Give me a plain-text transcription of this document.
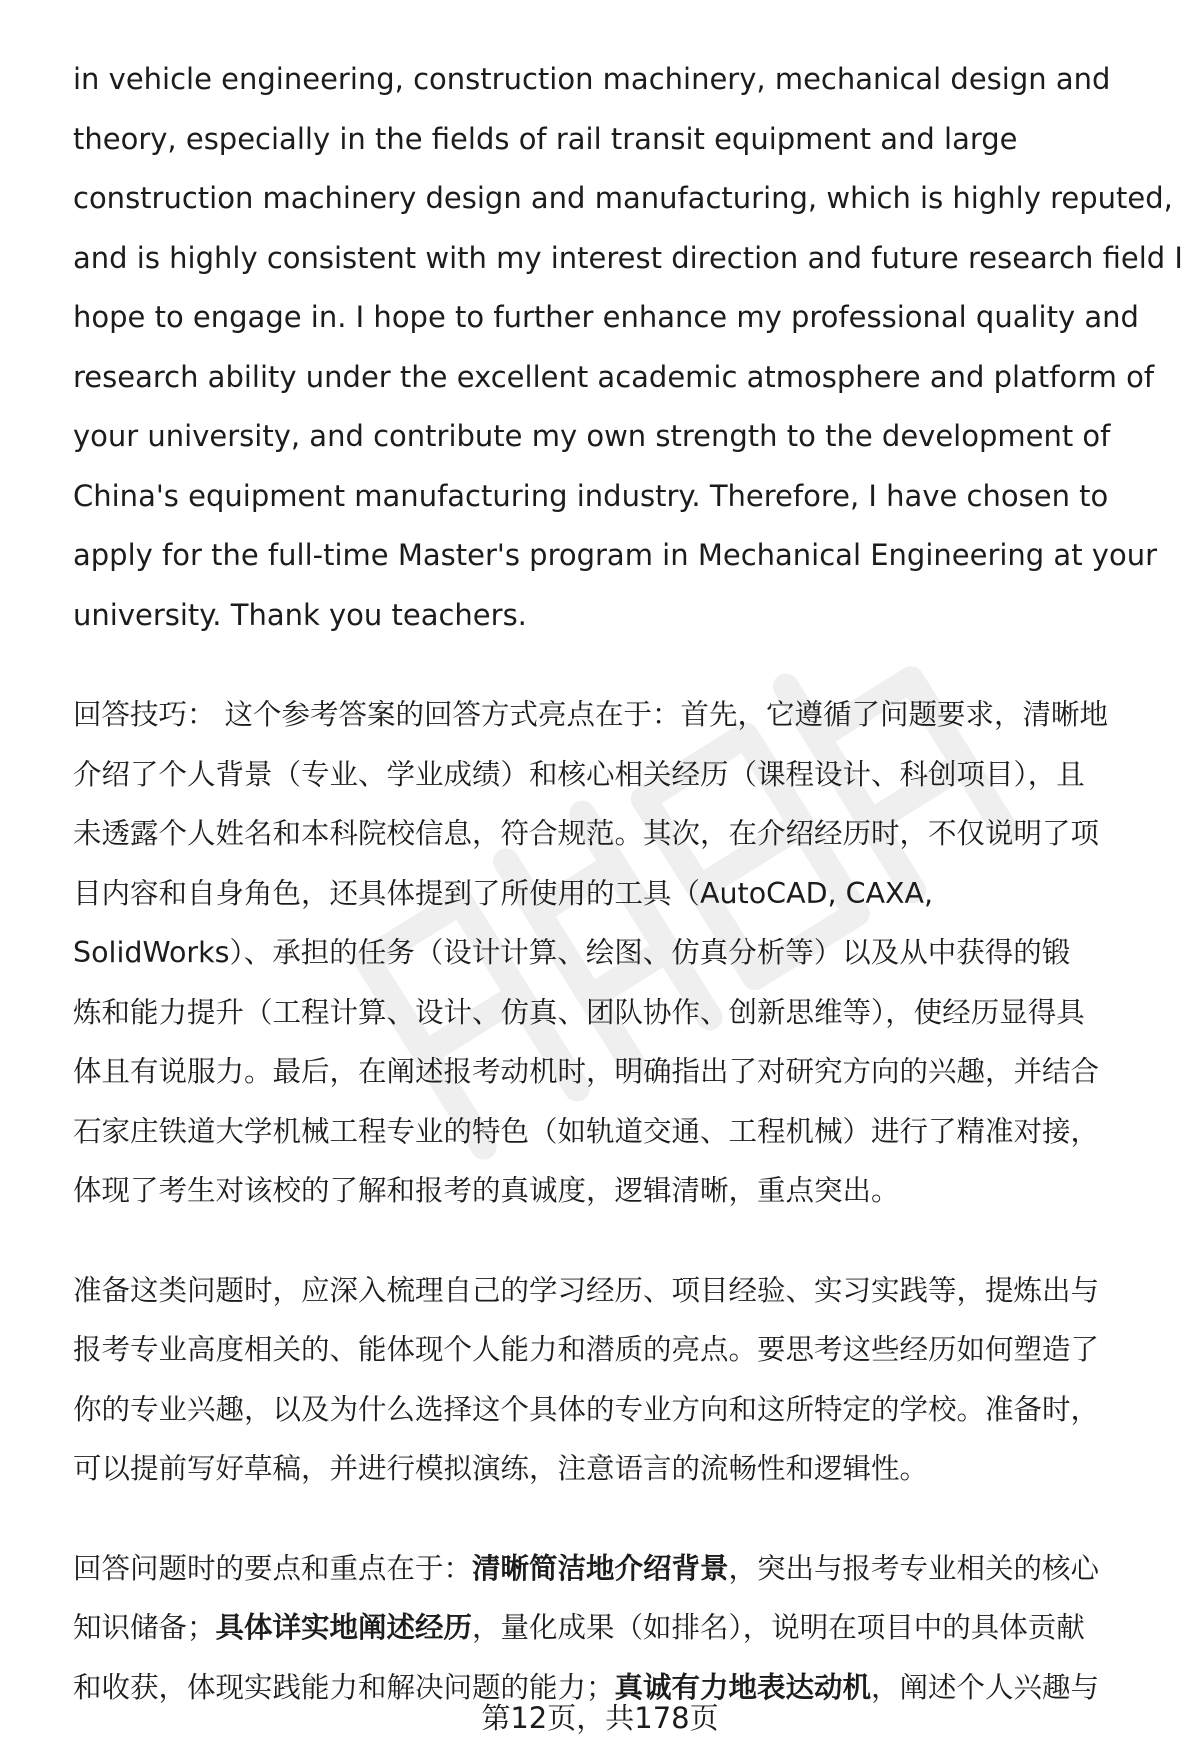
in vehicle engineering, construction machinery, mechanical design and
theory, especially in the fields of rail transit equipment and large
construction machinery design and manufacturing, which is highly reputed,
and is highly consistent with my interest direction and future research field I
hope to engage in. I hope to further enhance my professional quality and
research ability under the excellent academic atmosphere and platform of
your university, and contribute my own strength to the development of
China's equipment manufacturing industry. Therefore, I have chosen to
apply for the full-time Master's program in Mechanical Engineering at your
university. Thank you teachers.

回答技巧： 这个参考答案的回答方式亮点在于：首先，它遵循了问题要求，清晰地
介绍了个人背景（专业、学业成绩）和核心相关经历（课程设计、科创项目），且
未透露个人姓名和本科院校信息，符合规范。其次，在介绍经历时，不仅说明了项
目内容和自身角色，还具体提到了所使用的工具（AutoCAD, CAXA,
SolidWorks）、承担的任务（设计计算、绘图、仿真分析等）以及从中获得的锻
炼和能力提升（工程计算、设计、仿真、团队协作、创新思维等），使经历显得具
体且有说服力。最后，在阐述报考动机时，明确指出了对研究方向的兴趣，并结合
石家庄铁道大学机械工程专业的特色（如轨道交通、工程机械）进行了精准对接，
体现了考生对该校的了解和报考的真诚度，逻辑清晰，重点突出。

准备这类问题时，应深入梳理自己的学习经历、项目经验、实习实践等，提炼出与
报考专业高度相关的、能体现个人能力和潜质的亮点。要思考这些经历如何塑造了
你的专业兴趣，以及为什么选择这个具体的专业方向和这所特定的学校。准备时，
可以提前写好草稿，并进行模拟演练，注意语言的流畅性和逻辑性。

回答问题时的要点和重点在于：清晰简洁地介绍背景，突出与报考专业相关的核心
知识储备；具体详实地阐述经历，量化成果（如排名），说明在项目中的具体贡献
和收获，体现实践能力和解决问题的能力；真诚有力地表达动机，阐述个人兴趣与

第12页，共178页
